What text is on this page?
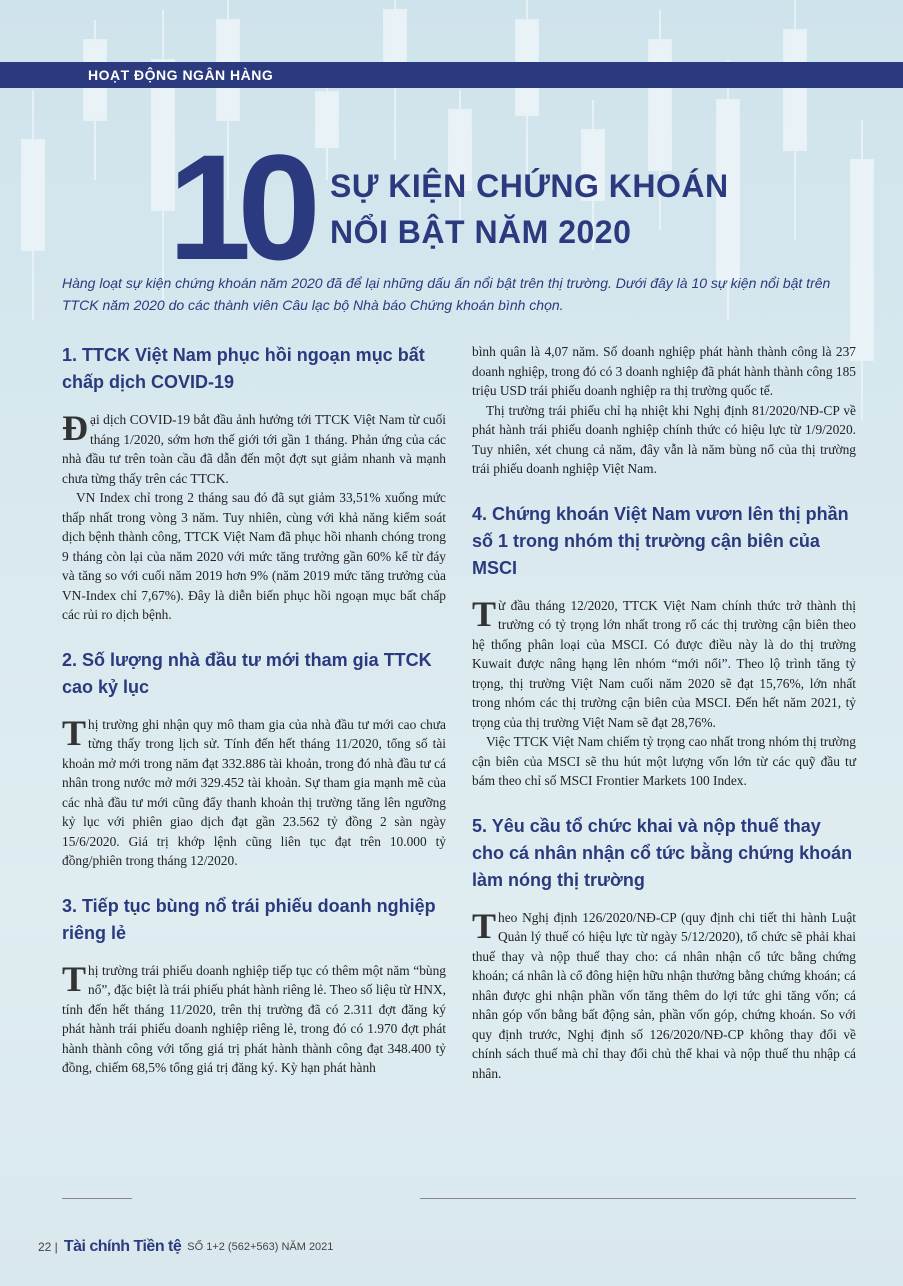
HOẠT ĐỘNG NGÂN HÀNG
10 SỰ KIỆN CHỨNG KHOÁN
NỔI BẬT NĂM 2020
Hàng loạt sự kiện chứng khoán năm 2020 đã để lại những dấu ấn nổi bật trên thị trường. Dưới đây là 10 sự kiện nổi bật trên TTCK năm 2020 do các thành viên Câu lạc bộ Nhà báo Chứng khoán bình chọn.
1. TTCK Việt Nam phục hồi ngoạn mục bất chấp dịch COVID-19

Đại dịch COVID-19 bắt đầu ảnh hưởng tới TTCK Việt Nam từ cuối tháng 1/2020, sớm hơn thế giới tới gần 1 tháng. Phản ứng của các nhà đầu tư trên toàn cầu đã dẫn đến một đợt sụt giảm nhanh và mạnh chưa từng thấy trên các TTCK.

VN Index chỉ trong 2 tháng sau đó đã sụt giảm 33,51% xuống mức thấp nhất trong vòng 3 năm. Tuy nhiên, cùng với khả năng kiểm soát dịch bệnh thành công, TTCK Việt Nam đã phục hồi nhanh chóng trong 9 tháng còn lại của năm 2020 với mức tăng trưởng gần 60% kể từ đáy và tăng so với cuối năm 2019 hơn 9% (năm 2019 mức tăng trưởng của VN-Index chỉ 7,67%). Đây là diễn biến phục hồi ngoạn mục bất chấp các rủi ro dịch bệnh.

2. Số lượng nhà đầu tư mới tham gia TTCK cao kỷ lục

Thị trường ghi nhận quy mô tham gia của nhà đầu tư mới cao chưa từng thấy trong lịch sử. Tính đến hết tháng 11/2020, tổng số tài khoản mở mới trong năm đạt 332.886 tài khoản, trong đó nhà đầu tư cá nhân trong nước mở mới 329.452 tài khoản. Sự tham gia mạnh mẽ của các nhà đầu tư mới cũng đẩy thanh khoản thị trường tăng lên ngưỡng kỷ lục với phiên giao dịch đạt gần 23.562 tỷ đồng 2 sàn ngày 15/6/2020. Giá trị khớp lệnh cũng liên tục đạt trên 10.000 tỷ đồng/phiên trong tháng 12/2020.

3. Tiếp tục bùng nổ trái phiếu doanh nghiệp riêng lẻ

Thị trường trái phiếu doanh nghiệp tiếp tục có thêm một năm “bùng nổ”, đặc biệt là trái phiếu phát hành riêng lẻ. Theo số liệu từ HNX, tính đến hết tháng 11/2020, trên thị trường đã có 2.311 đợt đăng ký phát hành trái phiếu doanh nghiệp riêng lẻ, trong đó có 1.970 đợt phát hành thành công với tổng giá trị phát hành thành công đạt 348.400 tỷ đồng, chiếm 68,5% tổng giá trị đăng ký. Kỳ hạn phát hành

bình quân là 4,07 năm. Số doanh nghiệp phát hành thành công là 237 doanh nghiệp, trong đó có 3 doanh nghiệp đã phát hành thành công 185 triệu USD trái phiếu doanh nghiệp ra thị trường quốc tế.

Thị trường trái phiếu chỉ hạ nhiệt khi Nghị định 81/2020/NĐ-CP về phát hành trái phiếu doanh nghiệp chính thức có hiệu lực từ 1/9/2020. Tuy nhiên, xét chung cả năm, đây vẫn là năm bùng nổ của thị trường trái phiếu doanh nghiệp Việt Nam.

4. Chứng khoán Việt Nam vươn lên thị phần số 1 trong nhóm thị trường cận biên của MSCI

Từ đầu tháng 12/2020, TTCK Việt Nam chính thức trở thành thị trường có tỷ trọng lớn nhất trong rổ các thị trường cận biên theo hệ thống phân loại của MSCI. Có được điều này là do thị trường Kuwait được nâng hạng lên nhóm “mới nổi”. Theo lộ trình tăng tỷ trọng, thị trường Việt Nam cuối năm 2020 sẽ đạt 15,76%, lớn nhất trong nhóm các thị trường cận biên của MSCI. Đến hết năm 2021, tỷ trọng của thị trường Việt Nam sẽ đạt 28,76%.

Việc TTCK Việt Nam chiếm tỷ trọng cao nhất trong nhóm thị trường cận biên của MSCI sẽ thu hút một lượng vốn lớn từ các quỹ đầu tư bám theo chỉ số MSCI Frontier Markets 100 Index.

5. Yêu cầu tổ chức khai và nộp thuế thay cho cá nhân nhận cổ tức bằng chứng khoán làm nóng thị trường

Theo Nghị định 126/2020/NĐ-CP (quy định chi tiết thi hành Luật Quản lý thuế có hiệu lực từ ngày 5/12/2020), tổ chức sẽ phải khai thuế thay và nộp thuế thay cho: cá nhân nhận cổ tức bằng chứng khoán; cá nhân là cổ đông hiện hữu nhận thưởng bằng chứng khoán; cá nhân được ghi nhận phần vốn tăng thêm do lợi tức ghi tăng vốn; cá nhân góp vốn bằng bất động sản, phần vốn góp, chứng khoán. So với quy định trước, Nghị định số 126/2020/NĐ-CP không thay đổi về chính sách thuế mà chỉ thay đổi chủ thể khai và nộp thuế thu nhập cá nhân.

22 | Tài chính Tiền tệ SỐ 1+2 (562+563) NĂM 2021
